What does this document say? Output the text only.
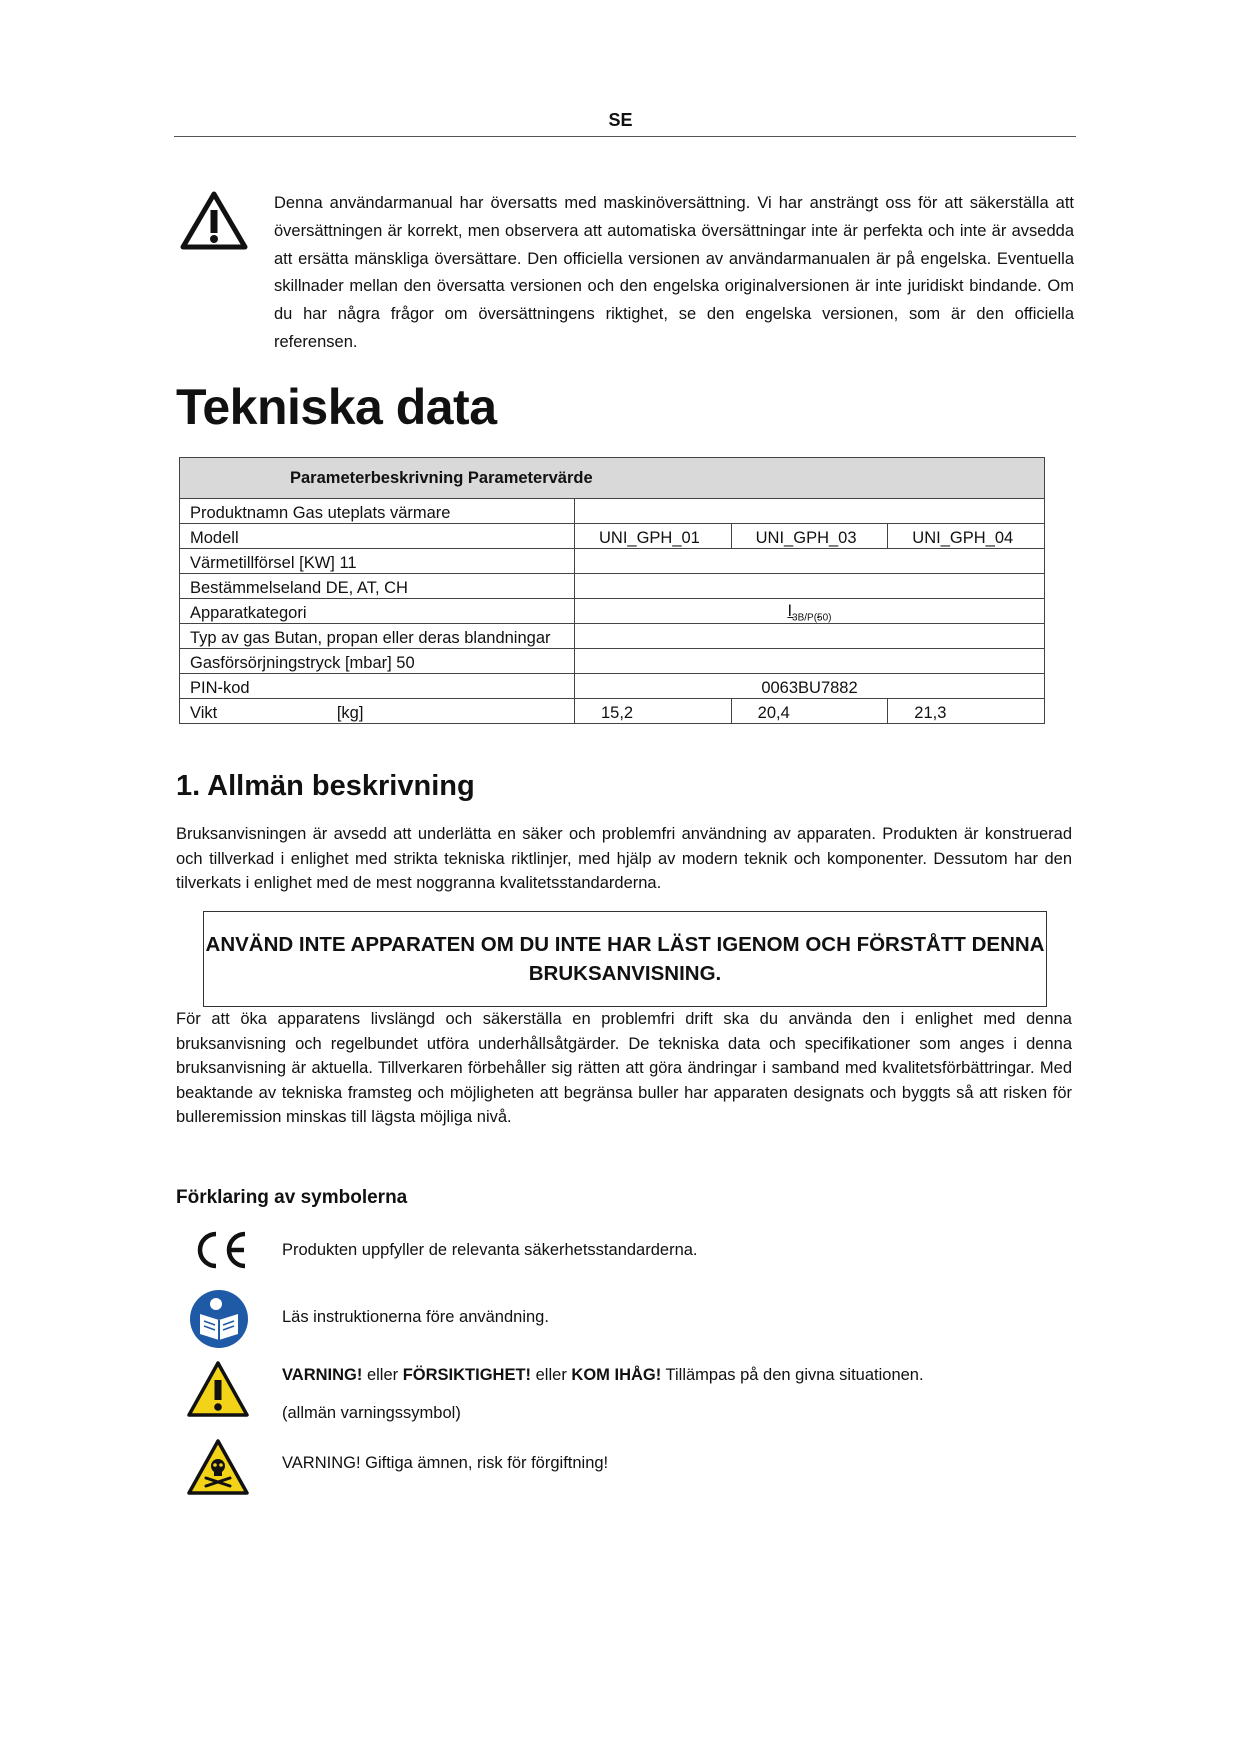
SE
Denna användarmanual har översatts med maskinöversättning. Vi har ansträngt oss för att säkerställa att översättningen är korrekt, men observera att automatiska översättningar inte är perfekta och inte är avsedda att ersätta mänskliga översättare. Den officiella versionen av användarmanualen är på engelska. Eventuella skillnader mellan den översatta versionen och den engelska originalversionen är inte juridiskt bindande. Om du har några frågor om översättningens riktighet, se den engelska versionen, som är den officiella referensen.
Tekniska data
Parameterbeskrivning Parametervärde			
Produktnamn Gas uteplats värmare			
Modell	UNI_GPH_01	UNI_GPH_03	UNI_GPH_04
Värmetillförsel [KW] 11			
Bestämmelseland DE, AT, CH			
Apparatkategori	$I_{3B/P(50)}$
Typ av gas Butan, propan eller deras blandningar			
Gasförsörjningstryck [mbar] 50			
PIN-kod	0063BU7882		
Vikt [kg]	15,2	20,4	21,3
1. Allmän beskrivning
Bruksanvisningen är avsedd att underlätta en säker och problemfri användning av apparaten. Produkten är konstruerad och tillverkad i enlighet med strikta tekniska riktlinjer, med hjälp av modern teknik och komponenter. Dessutom har den tilverkats i enlighet med de mest noggranna kvalitetsstandarderna.
ANVÄND INTE APPARATEN OM DU INTE HAR LÄST IGENOM OCH FÖRSTÅTT DENNA
BRUKSANVISNING.
För att öka apparatens livslängd och säkerställa en problemfri drift ska du använda den i enlighet med denna bruksanvisning och regelbundet utföra underhållsåtgärder. De tekniska data och specifikationer som anges i denna bruksanvisning är aktuella. Tillverkaren förbehåller sig rätten att göra ändringar i samband med kvalitetsförbättringar. Med beaktande av tekniska framsteg och möjligheten att begränsa buller har apparaten designats och byggts så att risken för bulleremission minskas till lägsta möjliga nivå.
Förklaring av symbolerna
Produkten uppfyller de relevanta säkerhetsstandarderna.
Läs instruktionerna före användning.
VARNING! eller FÖRSIKTIGHET! eller KOM IHÅG! Tillämpas på den givna situationen.
(allmän varningssymbol)
VARNING! Giftiga ämnen, risk för förgiftning!
